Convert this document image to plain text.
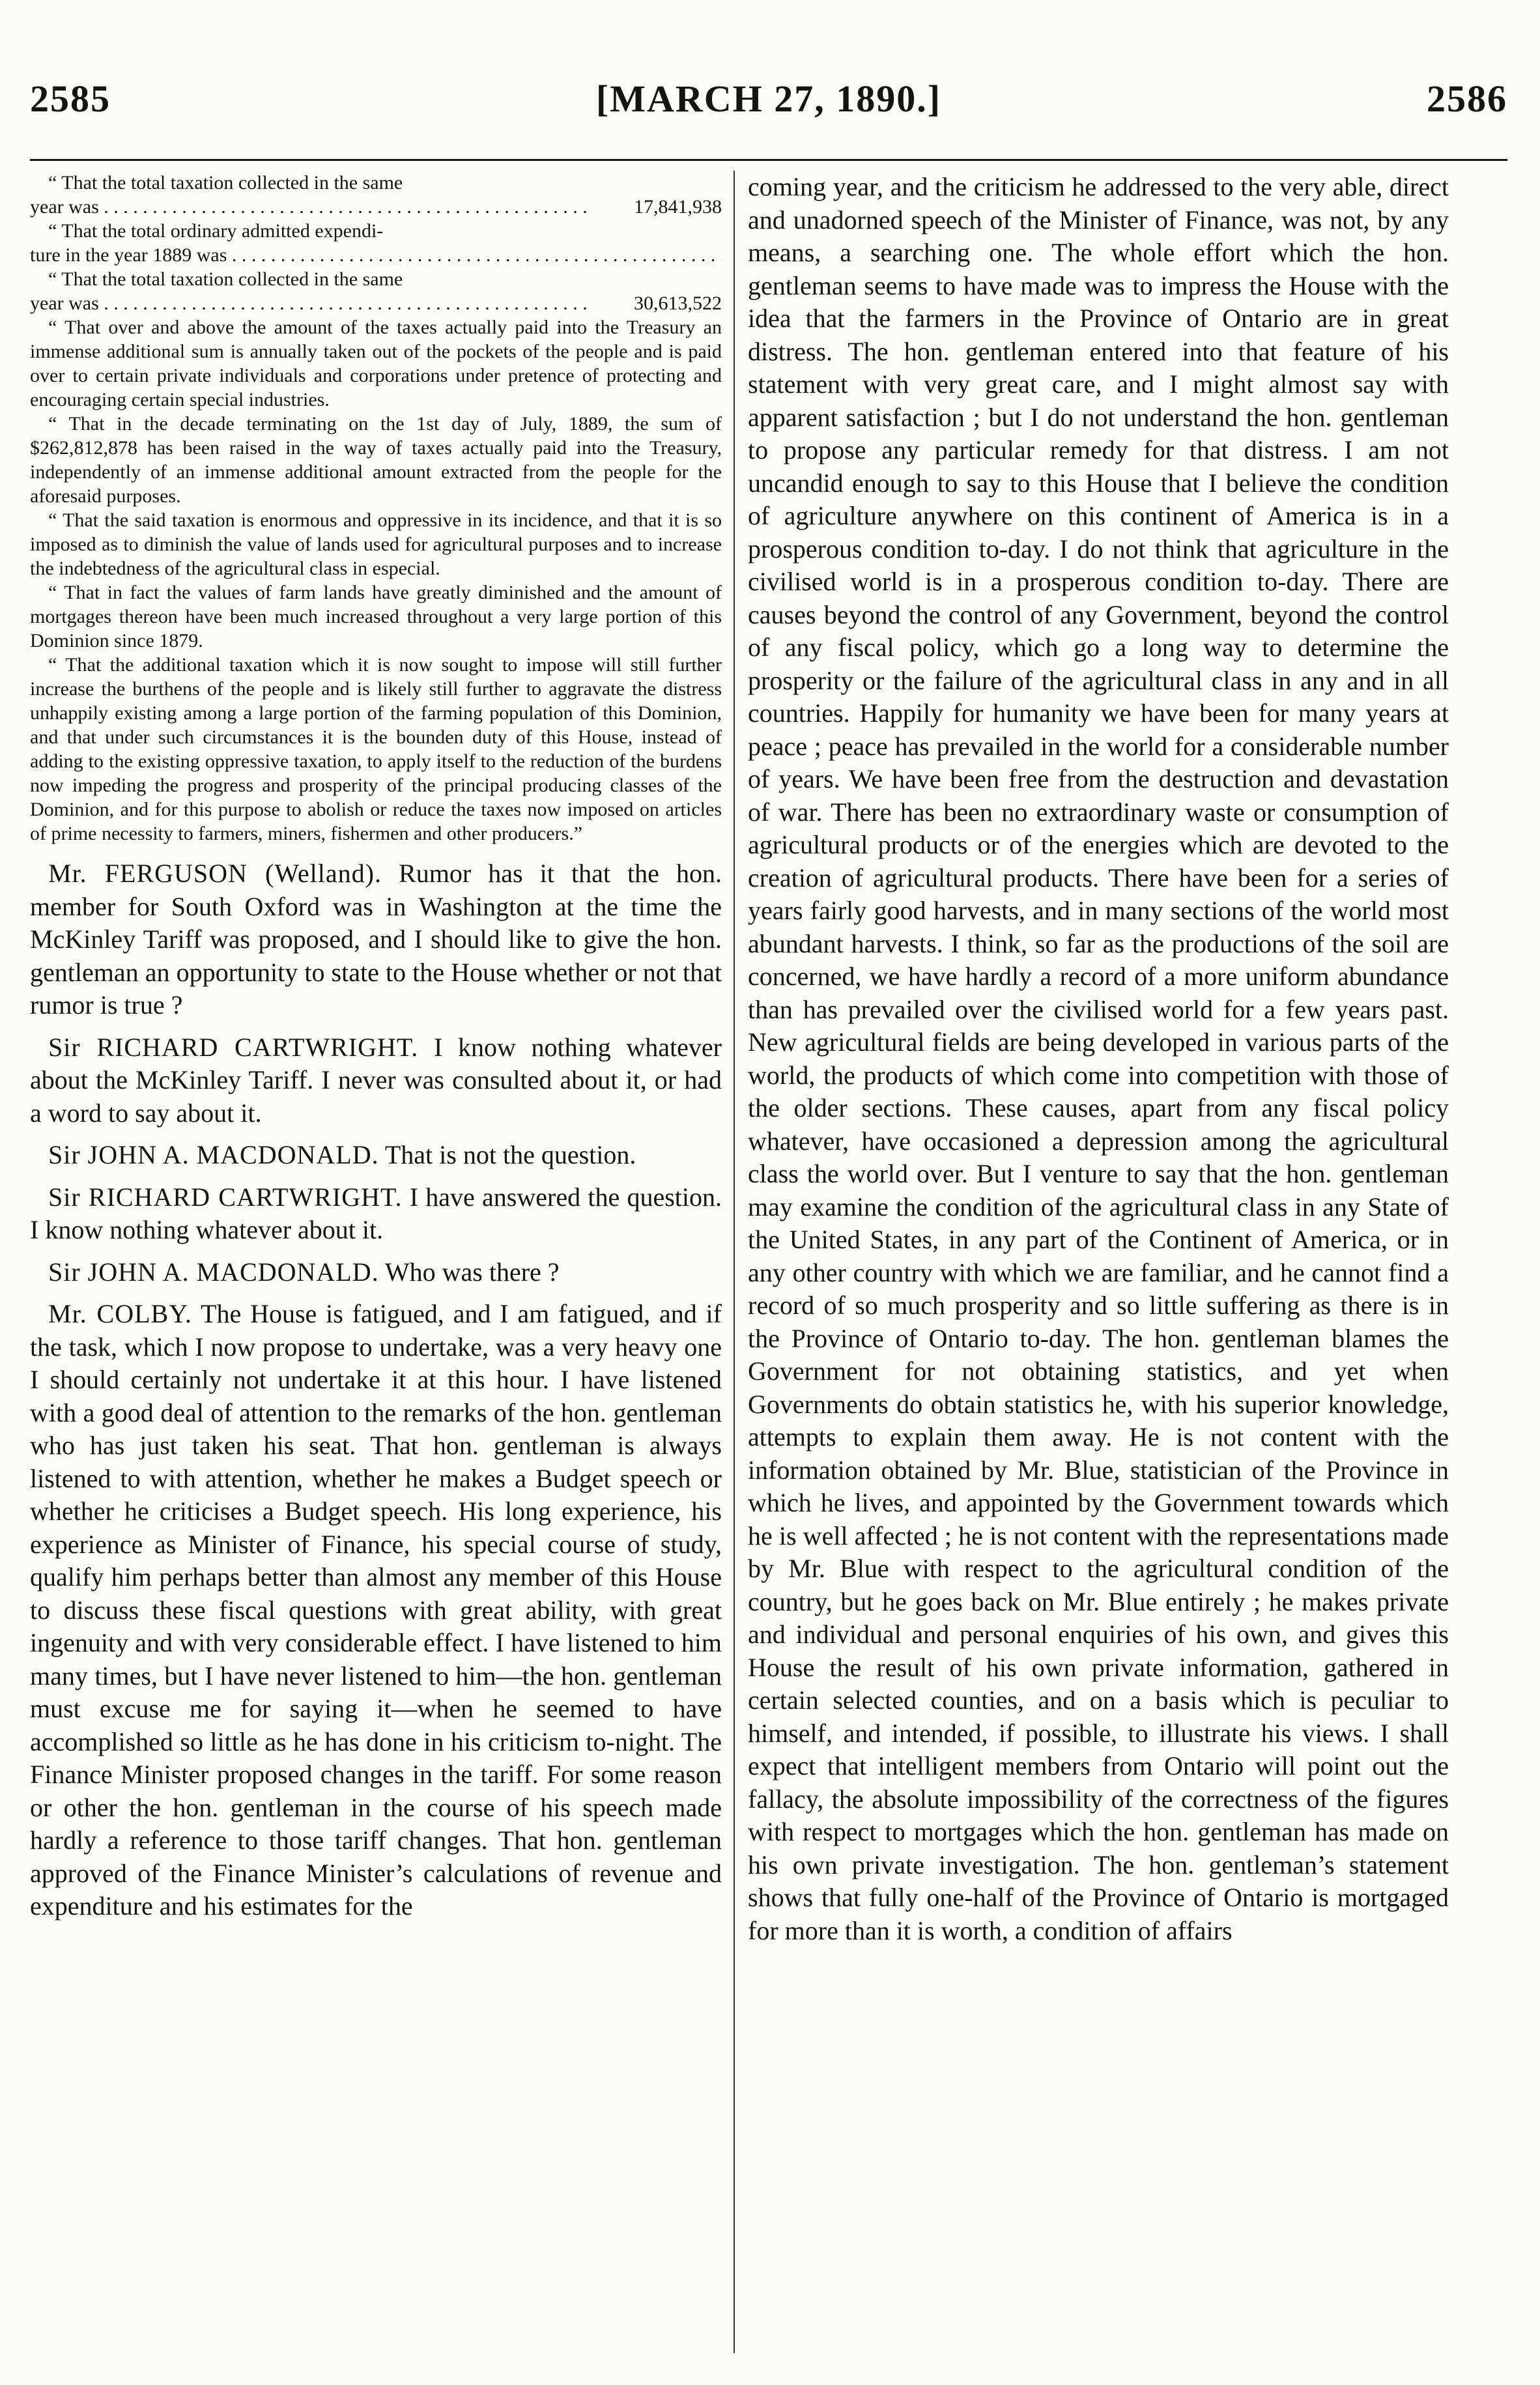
2585	[MARCH 27, 1890.]	2586

“ That the total taxation collected in the same

year was . . .	17,841,938

“ That the total ordinary admitted expendi-

ture in the year 1889 was . . .

“ That the total taxation collected in the same

year was . . .	30,613,522

“ That over and above the amount of the taxes actually paid into the Treasury an immense additional sum is annually taken out of the pockets of the people and is paid over to certain private individuals and corporations under pretence of protecting and encouraging certain special industries.

“ That in the decade terminating on the 1st day of July, 1889, the sum of $262,812,878 has been raised in the way of taxes actually paid into the Treasury, independently of an immense additional amount extracted from the people for the aforesaid purposes.

“ That the said taxation is enormous and oppressive in its incidence, and that it is so imposed as to diminish the value of lands used for agricultural purposes and to increase the indebtedness of the agricultural class in especial.

“ That in fact the values of farm lands have greatly diminished and the amount of mortgages thereon have been much increased throughout a very large portion of this Dominion since 1879.

“ That the additional taxation which it is now sought to impose will still further increase the burthens of the people and is likely still further to aggravate the distress unhappily existing among a large portion of the farming population of this Dominion, and that under such circumstances it is the bounden duty of this House, instead of adding to the existing oppressive taxation, to apply itself to the reduction of the burdens now impeding the progress and prosperity of the principal producing classes of the Dominion, and for this purpose to abolish or reduce the taxes now imposed on articles of prime necessity to farmers, miners, fishermen and other producers.”

Mr. FERGUSON (Welland). Rumor has it that the hon. member for South Oxford was in Washington at the time the McKinley Tariff was proposed, and I should like to give the hon. gentleman an opportunity to state to the House whether or not that rumor is true ?

Sir RICHARD CARTWRIGHT. I know nothing whatever about the McKinley Tariff. I never was consulted about it, or had a word to say about it.

Sir JOHN A. MACDONALD. That is not the question.

Sir RICHARD CARTWRIGHT. I have answered the question. I know nothing whatever about it.

Sir JOHN A. MACDONALD. Who was there ?

Mr. COLBY. The House is fatigued, and I am fatigued, and if the task, which I now propose to undertake, was a very heavy one I should certainly not undertake it at this hour. I have listened with a good deal of attention to the remarks of the hon. gentleman who has just taken his seat. That hon. gentleman is always listened to with attention, whether he makes a Budget speech or whether he criticises a Budget speech. His long experience, his experience as Minister of Finance, his special course of study, qualify him perhaps better than almost any member of this House to discuss these fiscal questions with great ability, with great ingenuity and with very considerable effect. I have listened to him many times, but I have never listened to him—the hon. gentleman must excuse me for saying it—when he seemed to have accomplished so little as he has done in his criticism to-night. The Finance Minister proposed changes in the tariff. For some reason or other the hon. gentleman in the course of his speech made hardly a reference to those tariff changes. That hon. gentleman approved of the Finance Minister’s calculations of revenue and expenditure and his estimates for the

coming year, and the criticism he addressed to the very able, direct and unadorned speech of the Minister of Finance, was not, by any means, a searching one. The whole effort which the hon. gentleman seems to have made was to impress the House with the idea that the farmers in the Province of Ontario are in great distress. The hon. gentleman entered into that feature of his statement with very great care, and I might almost say with apparent satisfaction ; but I do not understand the hon. gentleman to propose any particular remedy for that distress. I am not uncandid enough to say to this House that I believe the condition of agriculture anywhere on this continent of America is in a prosperous condition to-day. I do not think that agriculture in the civilised world is in a prosperous condition to-day. There are causes beyond the control of any Government, beyond the control of any fiscal policy, which go a long way to determine the prosperity or the failure of the agricultural class in any and in all countries. Happily for humanity we have been for many years at peace ; peace has prevailed in the world for a considerable number of years. We have been free from the destruction and devastation of war. There has been no extraordinary waste or consumption of agricultural products or of the energies which are devoted to the creation of agricultural products. There have been for a series of years fairly good harvests, and in many sections of the world most abundant harvests. I think, so far as the productions of the soil are concerned, we have hardly a record of a more uniform abundance than has prevailed over the civilised world for a few years past. New agricultural fields are being developed in various parts of the world, the products of which come into competition with those of the older sections. These causes, apart from any fiscal policy whatever, have occasioned a depression among the agricultural class the world over. But I venture to say that the hon. gentleman may examine the condition of the agricultural class in any State of the United States, in any part of the Continent of America, or in any other country with which we are familiar, and he cannot find a record of so much prosperity and so little suffering as there is in the Province of Ontario to-day. The hon. gentleman blames the Government for not obtaining statistics, and yet when Governments do obtain statistics he, with his superior knowledge, attempts to explain them away. He is not content with the information obtained by Mr. Blue, statistician of the Province in which he lives, and appointed by the Government towards which he is well affected ; he is not content with the representations made by Mr. Blue with respect to the agricultural condition of the country, but he goes back on Mr. Blue entirely ; he makes private and individual and personal enquiries of his own, and gives this House the result of his own private information, gathered in certain selected counties, and on a basis which is peculiar to himself, and intended, if possible, to illustrate his views. I shall expect that intelligent members from Ontario will point out the fallacy, the absolute impossibility of the correctness of the figures with respect to mortgages which the hon. gentleman has made on his own private investigation. The hon. gentleman’s statement shows that fully one-half of the Province of Ontario is mortgaged for more than it is worth, a condition of affairs
